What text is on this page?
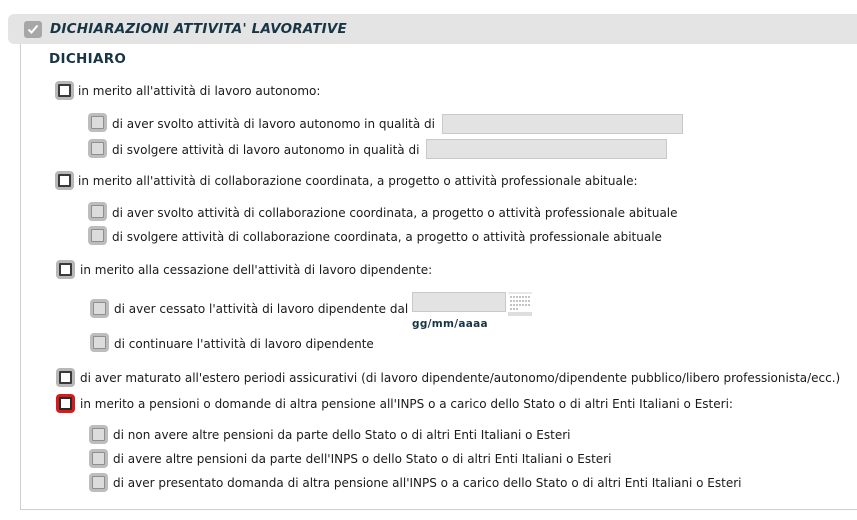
DICHIARAZIONI ATTIVITA' LAVORATIVE
DICHIARO
in merito all'attività di lavoro autonomo:
di aver svolto attività di lavoro autonomo in qualità di
di svolgere attività di lavoro autonomo in qualità di
in merito all'attività di collaborazione coordinata, a progetto o attività professionale abituale:
di aver svolto attività di collaborazione coordinata, a progetto o attività professionale abituale
di svolgere attività di collaborazione coordinata, a progetto o attività professionale abituale
in merito alla cessazione dell'attività di lavoro dipendente:
di aver cessato l'attività di lavoro dipendente dal
gg/mm/aaaa
di continuare l'attività di lavoro dipendente
di aver maturato all'estero periodi assicurativi (di lavoro dipendente/autonomo/dipendente pubblico/libero professionista/ecc.)
in merito a pensioni o domande di altra pensione all'INPS o a carico dello Stato o di altri Enti Italiani o Esteri:
di non avere altre pensioni da parte dello Stato o di altri Enti Italiani o Esteri
di avere altre pensioni da parte dell'INPS o dello Stato o di altri Enti Italiani o Esteri
di aver presentato domanda di altra pensione all'INPS o a carico dello Stato o di altri Enti Italiani o Esteri
